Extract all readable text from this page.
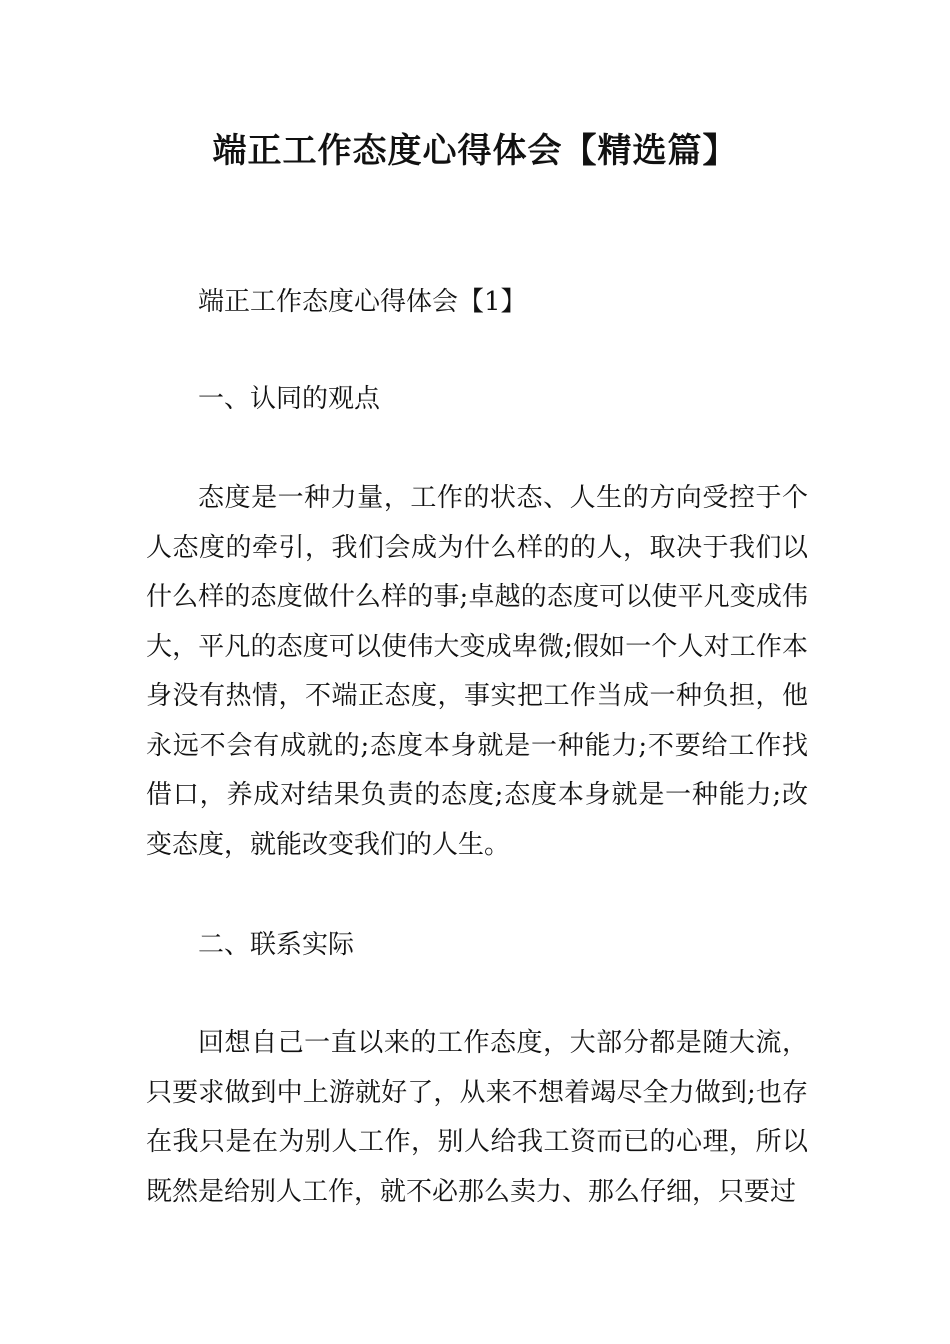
端正工作态度心得体会【精选篇】

端正工作态度心得体会【1】

一、认同的观点

态度是一种力量，工作的状态、人生的方向受控于个人态度的牵引，我们会成为什么样的的人，取决于我们以什么样的态度做什么样的事;卓越的态度可以使平凡变成伟大，平凡的态度可以使伟大变成卑微;假如一个人对工作本身没有热情，不端正态度，事实把工作当成一种负担，他永远不会有成就的;态度本身就是一种能力;不要给工作找借口，养成对结果负责的态度;态度本身就是一种能力;改变态度，就能改变我们的人生。

二、联系实际

回想自己一直以来的工作态度，大部分都是随大流，只要求做到中上游就好了，从来不想着竭尽全力做到;也存在我只是在为别人工作，别人给我工资而已的心理，所以既然是给别人工作，就不必那么卖力、那么仔细，只要过
